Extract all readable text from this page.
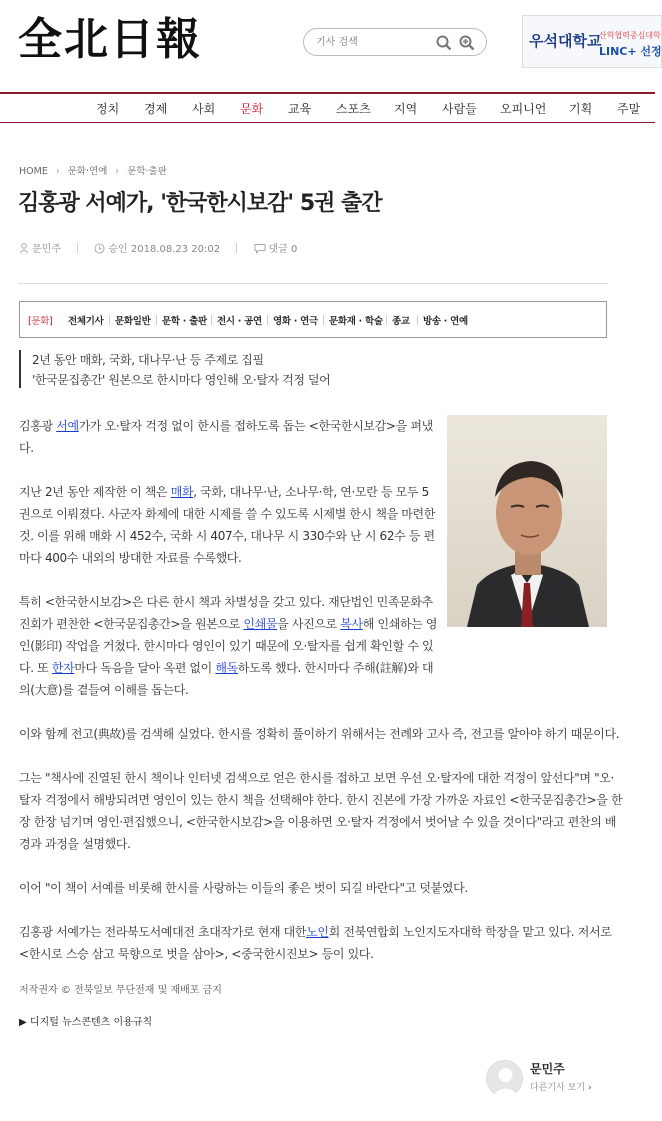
全北日報
기사 검색	우석대학교
산학협력중심대학
LINC+ 선정
정치 경제 사회 문화 교육 스포츠 지역 사람들 오피니언 기획 주말
HOME › 문화·연예 › 문학·출판
김홍광 서예가, '한국한시보감' 5권 출간
문민주	승인 2018.08.23 20:02	댓글 0
[문화] 전체기사 문화일반 문학 · 출판 전시 · 공연 영화 · 연극 문화재 · 학술 종교 방송 · 연예
2년 동안 매화, 국화, 대나무·난 등 주제로 집필
'한국문집총간' 원본으로 한시마다 영인해 오·탈자 걱정 덜어
김홍광 서예가가 오·탈자 걱정 없이 한시를 접하도록 돕는 <한국한시보감>을 펴냈
다.
지난 2년 동안 제작한 이 책은 매화, 국화, 대나무·난, 소나무·학, 연·모란 등 모두 5
권으로 이뤄졌다. 사군자 화제에 대한 시제를 쓸 수 있도록 시제별 한시 책을 마련한
것. 이를 위해 매화 시 452수, 국화 시 407수, 대나무 시 330수와 난 시 62수 등 편
마다 400수 내외의 방대한 자료를 수록했다.
특히 <한국한시보감>은 다른 한시 책과 차별성을 갖고 있다. 재단법인 민족문화추
진회가 편찬한 <한국문집총간>을 원본으로 인쇄물을 사진으로 복사해 인쇄하는 영
인(影印) 작업을 거쳤다. 한시마다 영인이 있기 때문에 오·탈자를 쉽게 확인할 수 있
다. 또 한자마다 독음을 달아 옥편 없이 해독하도록 했다. 한시마다 주해(註解)와 대
의(大意)를 곁들여 이해를 돕는다.
이와 함께 전고(典故)를 검색해 실었다. 한시를 정확히 풀이하기 위해서는 전례와 고사 즉, 전고를 알아야 하기 때문이다.
그는 "책사에 진열된 한시 책이나 인터넷 검색으로 얻은 한시를 접하고 보면 우선 오·탈자에 대한 걱정이 앞선다"며 "오·
탈자 걱정에서 해방되려면 영인이 있는 한시 책을 선택해야 한다. 한시 진본에 가장 가까운 자료인 <한국문집총간>을 한
장 한장 넘기며 영인·편집했으니, <한국한시보감>을 이용하면 오·탈자 걱정에서 벗어날 수 있을 것이다"라고 편찬의 배
경과 과정을 설명했다.
이어 "이 책이 서예를 비롯해 한시를 사랑하는 이들의 좋은 벗이 되길 바란다"고 덧붙였다.
김홍광 서예가는 전라북도서예대전 초대작가로 현재 대한노인회 전북연합회 노인지도자대학 학장을 맡고 있다. 저서로
<한시로 스승 삼고 묵향으로 벗을 삼아>, <중국한시진보> 등이 있다.
저작권자 © 전북일보 무단전재 및 재배포 금지
▶ 디지털 뉴스콘텐츠 이용규칙
문민주
다른기사 보기 ›
